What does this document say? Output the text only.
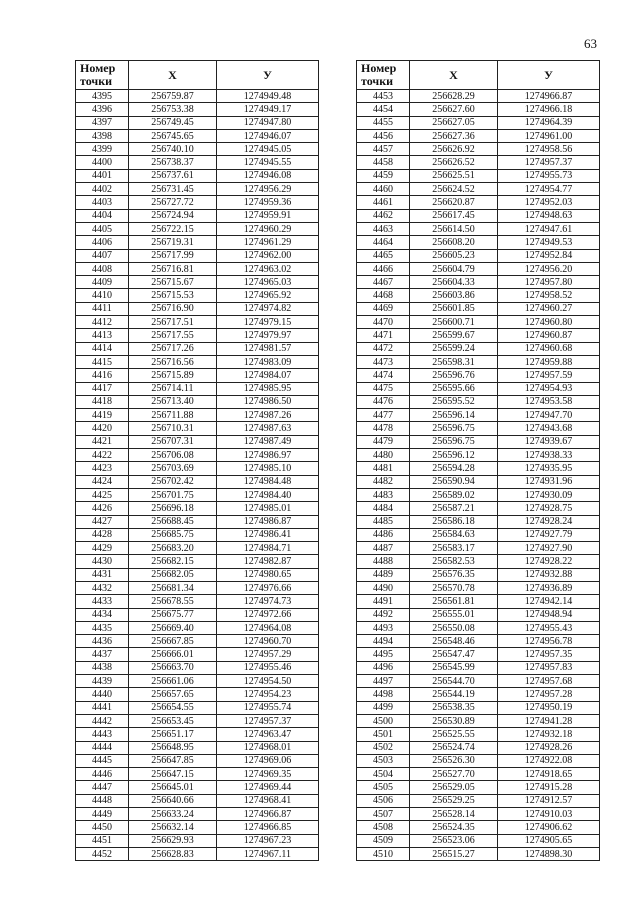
63
Номер точки	Х	У
4395	256759.87	1274949.48
4396	256753.38	1274949.17
4397	256749.45	1274947.80
4398	256745.65	1274946.07
4399	256740.10	1274945.05
4400	256738.37	1274945.55
4401	256737.61	1274946.08
4402	256731.45	1274956.29
4403	256727.72	1274959.36
4404	256724.94	1274959.91
4405	256722.15	1274960.29
4406	256719.31	1274961.29
4407	256717.99	1274962.00
4408	256716.81	1274963.02
4409	256715.67	1274965.03
4410	256715.53	1274965.92
4411	256716.90	1274974.82
4412	256717.51	1274979.15
4413	256717.55	1274979.97
4414	256717.26	1274981.57
4415	256716.56	1274983.09
4416	256715.89	1274984.07
4417	256714.11	1274985.95
4418	256713.40	1274986.50
4419	256711.88	1274987.26
4420	256710.31	1274987.63
4421	256707.31	1274987.49
4422	256706.08	1274986.97
4423	256703.69	1274985.10
4424	256702.42	1274984.48
4425	256701.75	1274984.40
4426	256696.18	1274985.01
4427	256688.45	1274986.87
4428	256685.75	1274986.41
4429	256683.20	1274984.71
4430	256682.15	1274982.87
4431	256682.05	1274980.65
4432	256681.34	1274976.66
4433	256678.55	1274974.73
4434	256675.77	1274972.66
4435	256669.40	1274964.08
4436	256667.85	1274960.70
4437	256666.01	1274957.29
4438	256663.70	1274955.46
4439	256661.06	1274954.50
4440	256657.65	1274954.23
4441	256654.55	1274955.74
4442	256653.45	1274957.37
4443	256651.17	1274963.47
4444	256648.95	1274968.01
4445	256647.85	1274969.06
4446	256647.15	1274969.35
4447	256645.01	1274969.44
4448	256640.66	1274968.41
4449	256633.24	1274966.87
4450	256632.14	1274966.85
4451	256629.93	1274967.23
4452	256628.83	1274967.11
Номер точки	Х	У
4453	256628.29	1274966.87
4454	256627.60	1274966.18
4455	256627.05	1274964.39
4456	256627.36	1274961.00
4457	256626.92	1274958.56
4458	256626.52	1274957.37
4459	256625.51	1274955.73
4460	256624.52	1274954.77
4461	256620.87	1274952.03
4462	256617.45	1274948.63
4463	256614.50	1274947.61
4464	256608.20	1274949.53
4465	256605.23	1274952.84
4466	256604.79	1274956.20
4467	256604.33	1274957.80
4468	256603.86	1274958.52
4469	256601.85	1274960.27
4470	256600.71	1274960.80
4471	256599.67	1274960.87
4472	256599.24	1274960.68
4473	256598.31	1274959.88
4474	256596.76	1274957.59
4475	256595.66	1274954.93
4476	256595.52	1274953.58
4477	256596.14	1274947.70
4478	256596.75	1274943.68
4479	256596.75	1274939.67
4480	256596.12	1274938.33
4481	256594.28	1274935.95
4482	256590.94	1274931.96
4483	256589.02	1274930.09
4484	256587.21	1274928.75
4485	256586.18	1274928.24
4486	256584.63	1274927.79
4487	256583.17	1274927.90
4488	256582.53	1274928.22
4489	256576.35	1274932.88
4490	256570.78	1274936.89
4491	256561.81	1274942.14
4492	256555.01	1274948.94
4493	256550.08	1274955.43
4494	256548.46	1274956.78
4495	256547.47	1274957.35
4496	256545.99	1274957.83
4497	256544.70	1274957.68
4498	256544.19	1274957.28
4499	256538.35	1274950.19
4500	256530.89	1274941.28
4501	256525.55	1274932.18
4502	256524.74	1274928.26
4503	256526.30	1274922.08
4504	256527.70	1274918.65
4505	256529.05	1274915.28
4506	256529.25	1274912.57
4507	256528.14	1274910.03
4508	256524.35	1274906.62
4509	256523.06	1274905.65
4510	256515.27	1274898.30
